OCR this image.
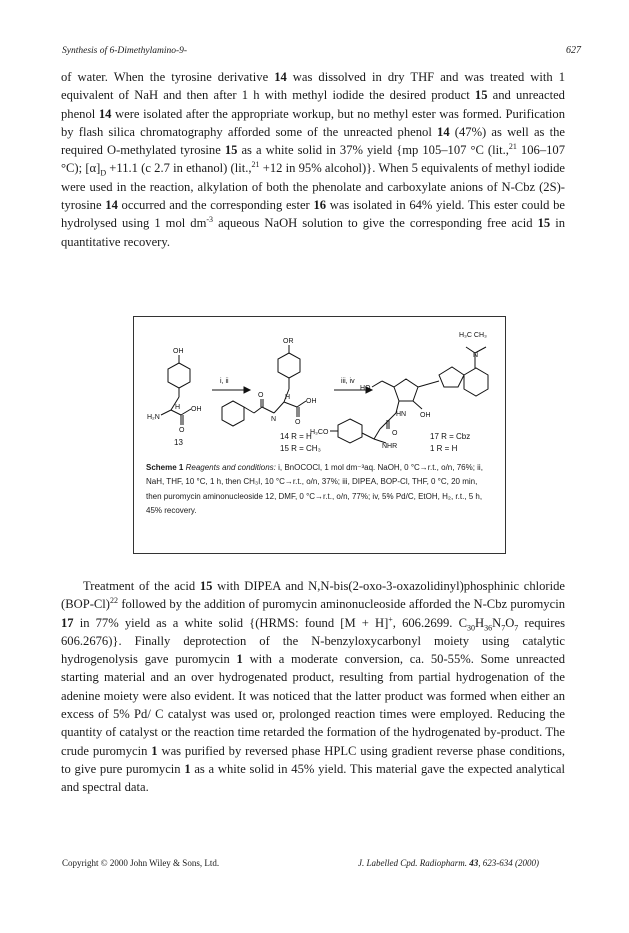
Synthesis of 6-Dimethylamino-9-	627

of water. When the tyrosine derivative 14 was dissolved in dry THF and was treated with 1 equivalent of NaH and then after 1 h with methyl iodide the desired product 15 and unreacted phenol 14 were isolated after the appropriate workup, but no methyl ester was formed. Purification by flash silica chromatography afforded some of the unreacted phenol 14 (47%) as well as the required O-methylated tyrosine 15 as a white solid in 37% yield {mp 105–107 °C (lit.,$^{21}$ 106–107 °C); $[\alpha]_D +11.1$ (c 2.7 in ethanol) (lit.,$^{21}$ +12 in 95% alcohol)}. When 5 equivalents of methyl iodide were used in the reaction, alkylation of both the phenolate and carboxylate anions of N-Cbz (2S)-tyrosine 14 occurred and the corresponding ester 16 was isolated in 64% yield. This ester could be hydrolysed using 1 mol $dm^{-3}$ aqueous NaOH solution to give the corresponding free acid 15 in quantitative recovery.

OH
H₂N
H OH
O
13
i, ii
OR
H
OH
N
O
O
14 R = H
15 R = CH₃
iii, iv
H₃C CH₃
N
HO
HN OH
H₃CO	O
NHR
17 R = Cbz
1 R = H

Scheme 1 Reagents and conditions: i, BnOCOCl, 1 mol dm⁻³aq. NaOH, 0 °C→r.t., o/n, 76%; ii, NaH, THF, 10 °C, 1 h, then CH₃I, 10 °C→r.t., o/n, 37%; iii, DIPEA, BOP-Cl, THF, 0 °C, 20 min, then puromycin aminonucleoside 12, DMF, 0 °C→r.t., o/n, 77%; iv, 5% Pd/C, EtOH, H₂, r.t., 5 h, 45% recovery.

Treatment of the acid 15 with DIPEA and N,N-bis(2-oxo-3-oxazolidinyl)phosphinic chloride $(BOP-Cl)^{22}$ followed by the addition of puromycin aminonucleoside afforded the N-Cbz puromycin 17 in 77% yield as a white solid {(HRMS: found [M + H]+, 606.2699. $C_{30}H_{36}N_7O_7$ requires 606.2676)}. Finally deprotection of the N-benzyloxycarbonyl moiety using catalytic hydrogenolysis gave puromycin 1 with a moderate conversion, ca. 50-55%. Some unreacted starting material and an over hydrogenated product, resulting from partial hydrogenation of the adenine moiety were also evident. It was noticed that the latter product was formed when either an excess of 5% Pd/ C catalyst was used or, prolonged reaction times were employed. Reducing the quantity of catalyst or the reaction time retarded the formation of the hydrogenated by-product. The crude puromycin 1 was purified by reversed phase HPLC using gradient reverse phase conditions, to give pure puromycin 1 as a white solid in 45% yield. This material gave the expected analytical and spectral data.

Copyright © 2000 John Wiley & Sons, Ltd.	J. Labelled Cpd. Radiopharm. 43, 623-634 (2000)
